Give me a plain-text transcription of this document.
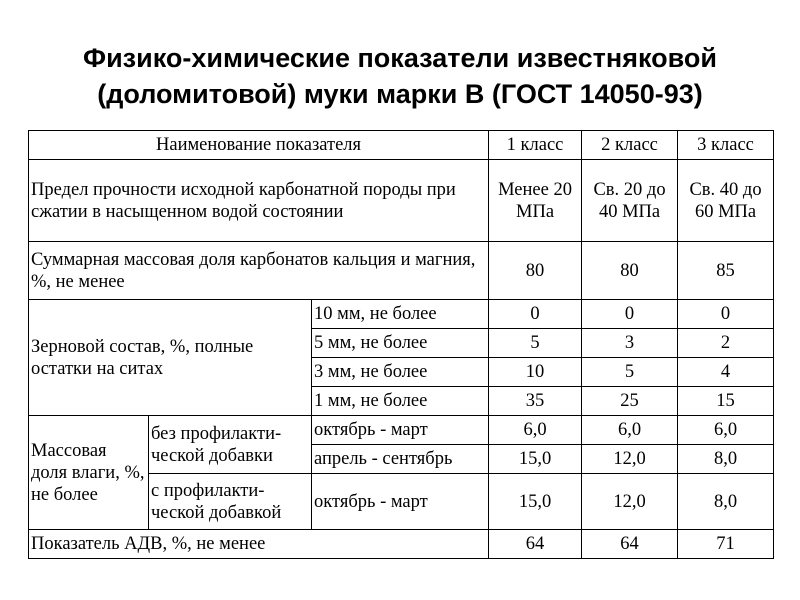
Физико-химические показатели известняковой
(доломитовой) муки марки В (ГОСТ 14050-93)
Наименование показателя			1 класс	2 класс	3 класс
Предел прочности исходной карбонатной породы при сжатии в насыщенном водой состоянии			Менее 20 МПа	Св. 20 до 40 МПа	Св. 40 до 60 МПа
Суммарная массовая доля карбонатов кальция и магния, %, не менее			80	80	85
Зерновой состав, %, полные остатки на ситах		10 мм, не более	0	0	0
		5 мм, не более	5	3	2
		3 мм, не более	10	5	4
		1 мм, не более	35	25	15
Массовая доля влаги, %, не более	без профилакти-ческой добавки	октябрь - март	6,0	6,0	6,0
		апрель - сентябрь	15,0	12,0	8,0
	с профилакти-ческой добавкой	октябрь - март	15,0	12,0	8,0
Показатель АДВ, %, не менее			64	64	71
